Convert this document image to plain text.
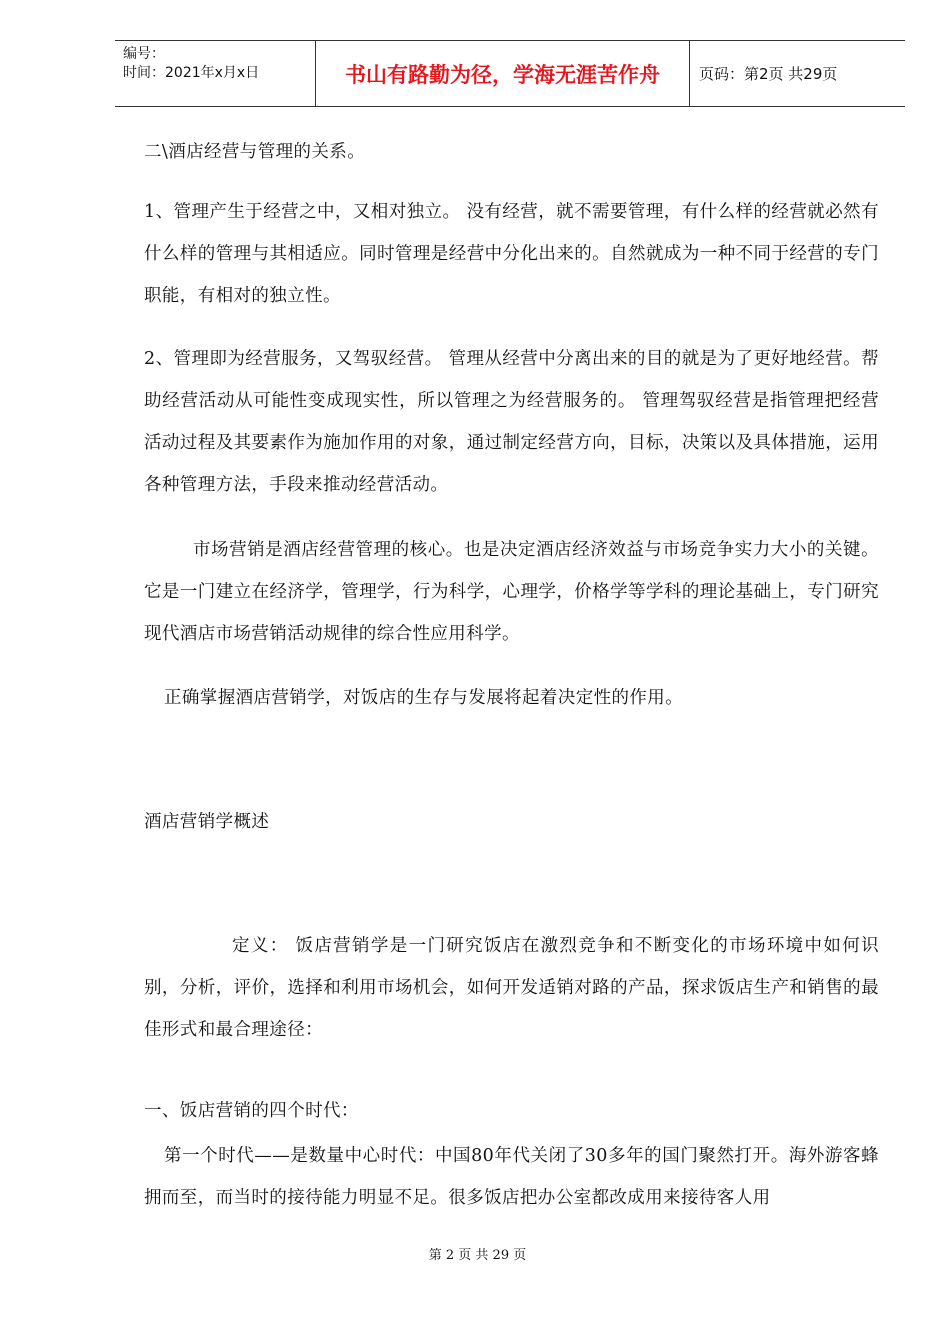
编号：
时间：2021年x月x日	书山有路勤为径，学海无涯苦作舟	页码：第2页 共29页

二\酒店经营与管理的关系。

1、管理产生于经营之中，又相对独立。 没有经营，就不需要管理，有什么样的经营就必然有什么样的管理与其相适应。同时管理是经营中分化出来的。自然就成为一种不同于经营的专门职能，有相对的独立性。

2、管理即为经营服务，又驾驭经营。 管理从经营中分离出来的目的就是为了更好地经营。帮助经营活动从可能性变成现实性，所以管理之为经营服务的。 管理驾驭经营是指管理把经营活动过程及其要素作为施加作用的对象，通过制定经营方向，目标，决策以及具体措施，运用各种管理方法，手段来推动经营活动。

市场营销是酒店经营管理的核心。也是决定酒店经济效益与市场竞争实力大小的关键。它是一门建立在经济学，管理学，行为科学，心理学，价格学等学科的理论基础上，专门研究现代酒店市场营销活动规律的综合性应用科学。

正确掌握酒店营销学，对饭店的生存与发展将起着决定性的作用。

酒店营销学概述

定义： 饭店营销学是一门研究饭店在激烈竞争和不断变化的市场环境中如何识别，分析，评价，选择和利用市场机会，如何开发适销对路的产品，探求饭店生产和销售的最佳形式和最合理途径：

一、饭店营销的四个时代：

第一个时代——是数量中心时代：中国80年代关闭了30多年的国门聚然打开。海外游客蜂拥而至，而当时的接待能力明显不足。很多饭店把办公室都改成用来接待客人用

第 2 页 共 29 页
